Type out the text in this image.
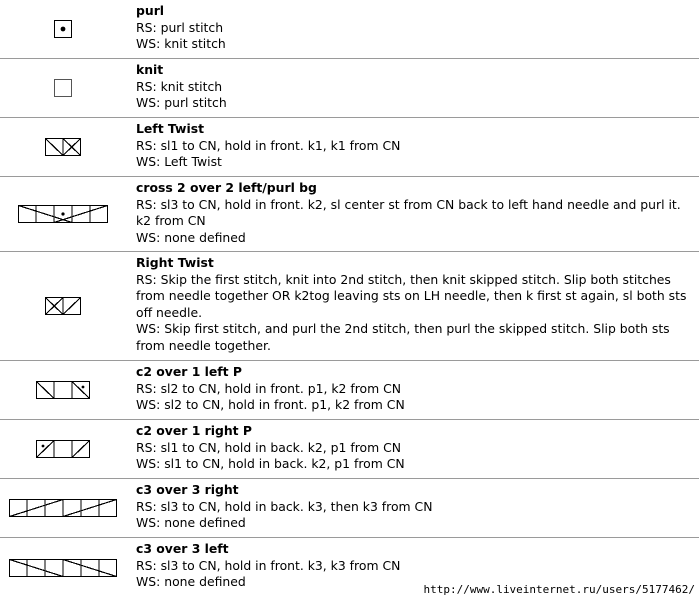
purl
RS: purl stitch
WS: knit stitch
knit
RS: knit stitch
WS: purl stitch
Left Twist
RS: sl1 to CN, hold in front. k1, k1 from CN
WS: Left Twist
cross 2 over 2 left/purl bg
RS: sl3 to CN, hold in front. k2, sl center st from CN back to left hand needle and purl it. k2 from CN
WS: none defined
Right Twist
RS: Skip the first stitch, knit into 2nd stitch, then knit skipped stitch. Slip both stitches from needle together OR k2tog leaving sts on LH needle, then k first st again, sl both sts off needle.
WS: Skip first stitch, and purl the 2nd stitch, then purl the skipped stitch. Slip both sts from needle together.
c2 over 1 left P
RS: sl2 to CN, hold in front. p1, k2 from CN
WS: sl2 to CN, hold in front. p1, k2 from CN
c2 over 1 right P
RS: sl1 to CN, hold in back. k2, p1 from CN
WS: sl1 to CN, hold in back. k2, p1 from CN
c3 over 3 right
RS: sl3 to CN, hold in back. k3, then k3 from CN
WS: none defined
c3 over 3 left
RS: sl3 to CN, hold in front. k3, k3 from CN
WS: none defined
http://www.liveinternet.ru/users/5177462/
